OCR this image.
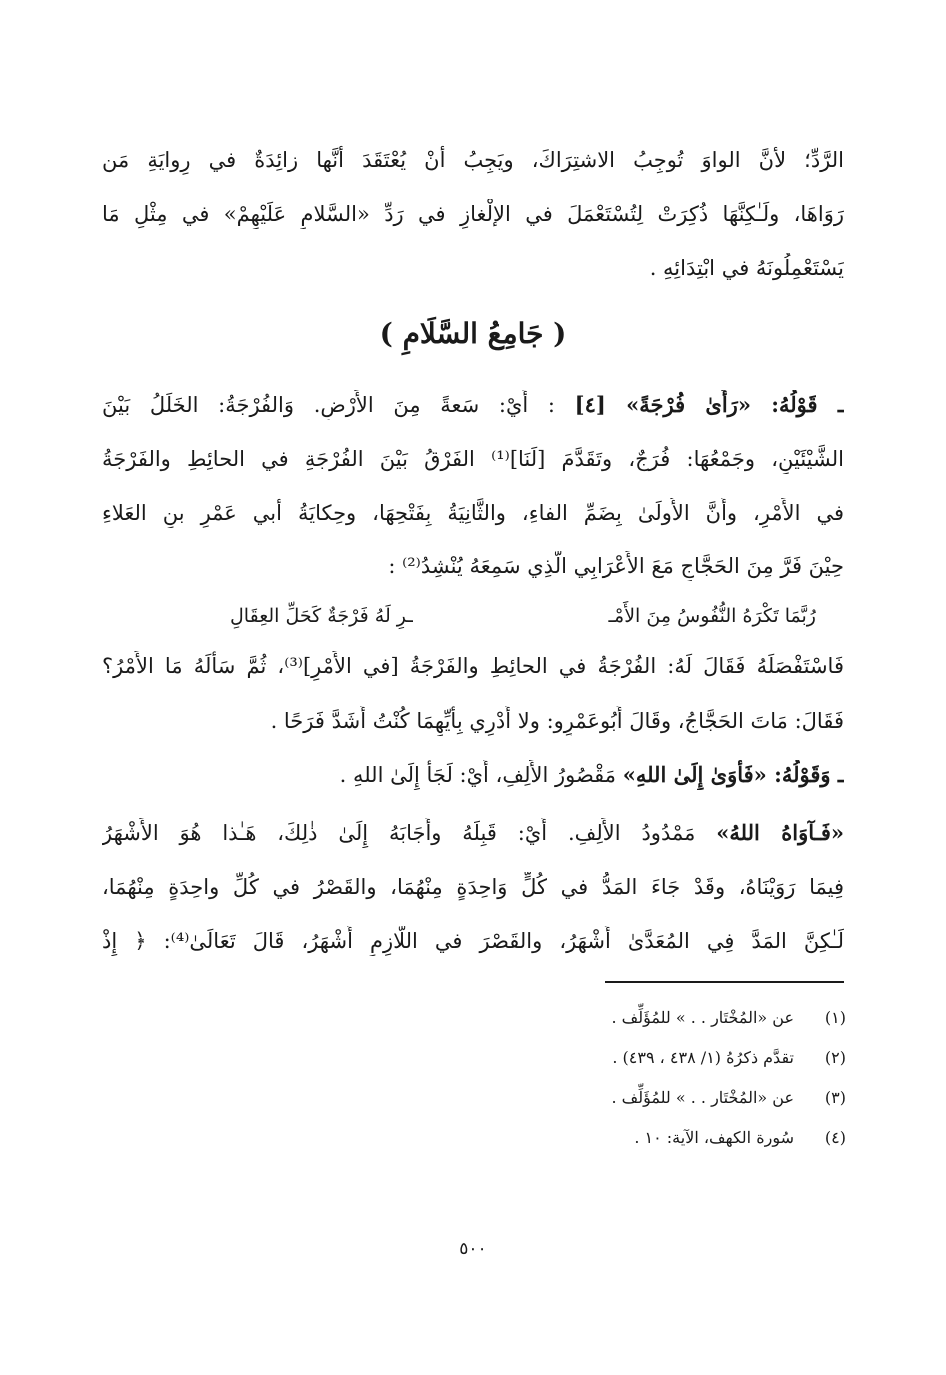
الرَّدِّ؛ لأنَّ الواوَ تُوجِبُ الاشتِرَاكَ، ويَجِبُ أنْ يُعْتَقَدَ أنَّها زائِدَةٌ في رِوايَةِ مَن
رَوَاهَا، ولَـٰكِنَّهَا ذُكِرَتْ لِتُسْتَعْمَلَ في الإلْغازِ في رَدِّ «السَّلامِ عَلَيْهِمْ» في مِثْلِ مَا
يَسْتَعْمِلُونَهُ في ابْتِدَائِهِ .
( جَامِعُ السَّلَامِ )
ـ قَوْلُهُ: «رَأَىٰ فُرْجَةً» [٤] : أَيْ: سَعةً مِنَ الأَرْضِ. وَالفُرْجَةُ: الخَلَلُ بَيْنَ
الشَّيْئَيْنِ، وجَمْعُهَا: فُرَجٌ، وتَقَدَّمَ [لَنَا]⁽¹⁾ الفَرْقُ بَيْنَ الفُرْجَةِ في الحائِطِ والفَرْجَةُ
في الأَمْرِ، وأَنَّ الأُولَىٰ بِضَمِّ الفاءِ، والثَّانِيَةُ بِفَتْحِهَا، وحِكايَةُ أبي عَمْرِ بنِ العَلاءِ
حِيْنَ فَرَّ مِنَ الحَجَّاجِ مَعَ الأَعْرَابِي الَّذِي سَمِعَهُ يُنْشِدُ⁽²⁾ :
رُبَّمَا تَكْرَهُ النُّفُوسُ مِنَ الأَمْـ
ـرِ لَهُ فَرْجَةٌ كَحَلِّ العِقَالِ
فَاسْتَفْصَلَهُ فَقَالَ لَهُ: الفُرْجَةُ في الحائِطِ والفَرْجَةُ [في الأَمْرِ]⁽³⁾، ثُمَّ سَأَلَهُ مَا الأَمْرُ؟
فَقَالَ: مَاتَ الحَجَّاجُ، وقَالَ أَبُوعَمْرٍو: ولا أَدْرِي بِأَيِّهِمَا كُنْتُ أَشَدَّ فَرَحًا .
ـ وَقَوْلُهُ: «فَأَوَىٰ إِلَىٰ اللهِ» مَقْصُورُ الأَلِفِ، أَيْ: لَجَأَ إِلَىٰ اللهِ .
«فَـآوَاهُ اللهُ» مَمْدُودُ الأَلِفِ. أَيْ: قَبِلَهُ وأَجَابَهُ إِلَىٰ ذٰلِكَ، هَـٰذا هُوَ الأَشْهَرُ
فِيمَا رَوَيْنَاهُ، وقَدْ جَاءَ المَدُّ في كُلٍّ وَاحِدَةٍ مِنْهُمَا، والقَصْرُ في كُلِّ واحِدَةٍ مِنْهُمَا،
لَـٰكِنَّ المَدَّ فِي المُعَدَّىٰ أَشْهَرُ، والقَصْرَ في اللَّازِمِ أَشْهَرُ، قَالَ تَعَالَىٰ⁽⁴⁾: ﴿ إِذْ
(١)عن «المُخْتَار . . » للمُؤَلِّف .
(٢)تقدَّم ذكرُهُ (١/ ٤٣٨ ، ٤٣٩) .
(٣)عن «المُخْتَار . . » للمُؤَلِّف .
(٤)سُورة الكهف، الآية: ١٠ .
٥٠٠
